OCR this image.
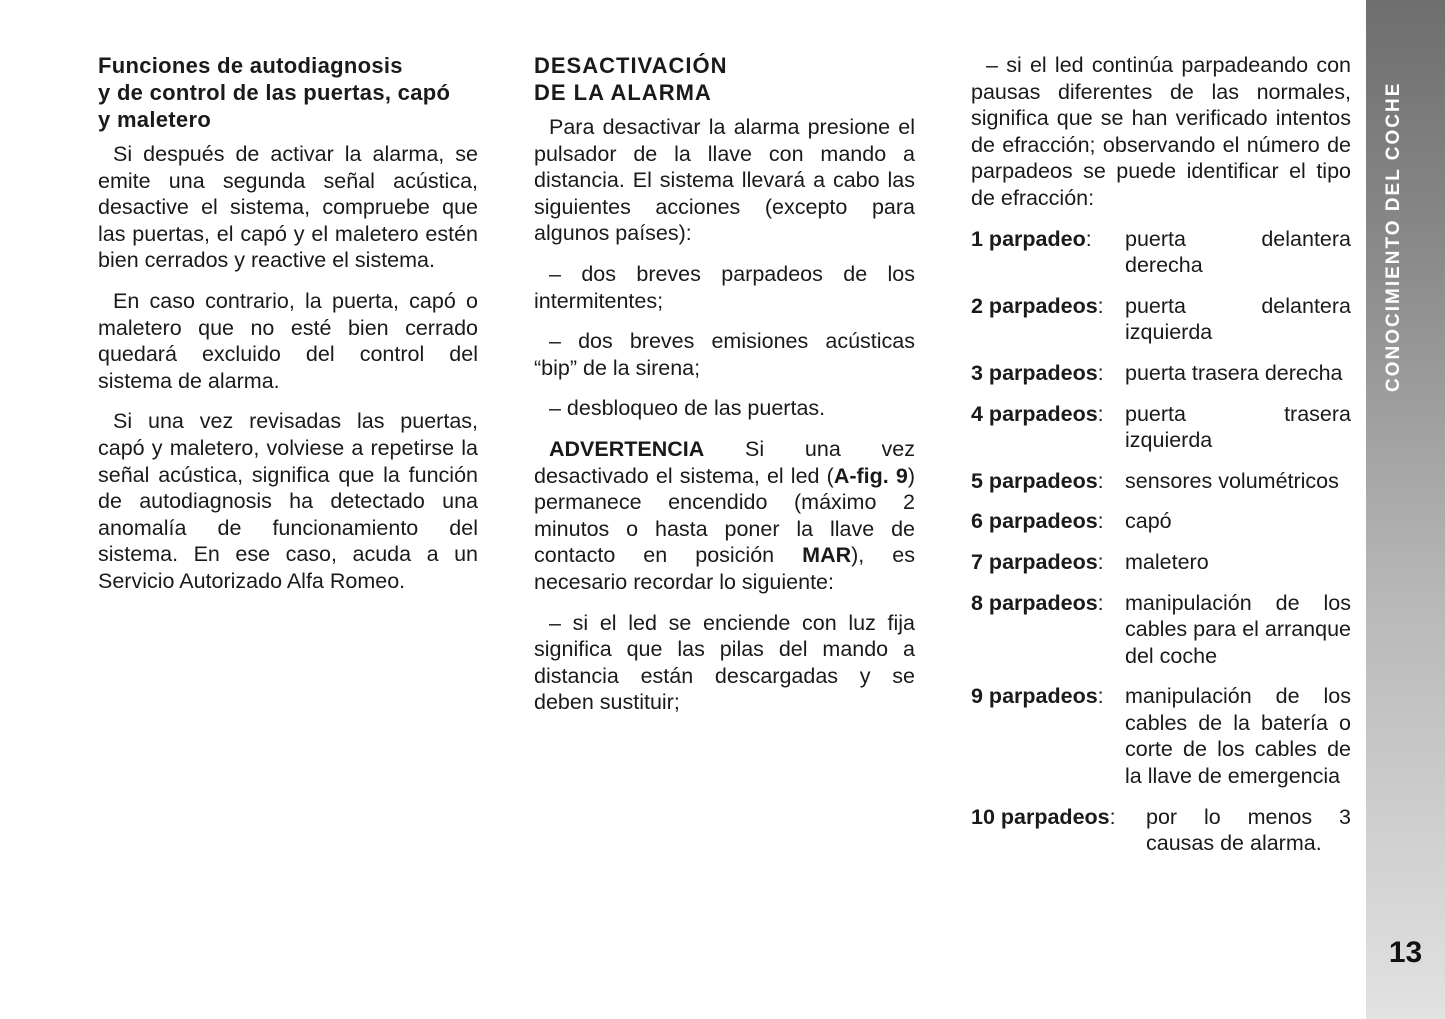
Funciones de autodiagnosis
y de control de las puertas, capó
y maletero

Si después de activar la alarma, se emite una segunda señal acústica, desactive el sistema, compruebe que las puertas, el capó y el maletero estén bien cerrados y reactive el sistema.

En caso contrario, la puerta, capó o maletero que no esté bien cerrado quedará excluido del control del sistema de alarma.

Si una vez revisadas las puertas, capó y maletero, volviese a repetirse la señal acústica, significa que la función de autodiagnosis ha detectado una anomalía de funcionamiento del sistema. En ese caso, acuda a un Servicio Autorizado Alfa Romeo.

DESACTIVACIÓN
DE LA ALARMA

Para desactivar la alarma presione el pulsador de la llave con mando a distancia. El sistema llevará a cabo las siguientes acciones (excepto para algunos países):

– dos breves parpadeos de los intermitentes;

– dos breves emisiones acústicas “bip” de la sirena;

– desbloqueo de las puertas.

ADVERTENCIA Si una vez desactivado el sistema, el led (A-fig. 9) permanece encendido (máximo 2 minutos o hasta poner la llave de contacto en posición MAR), es necesario recordar lo siguiente:

– si el led se enciende con luz fija significa que las pilas del mando a distancia están descargadas y se deben sustituir;

– si el led continúa parpadeando con pausas diferentes de las normales, significa que se han verificado intentos de efracción; observando el número de parpadeos se puede identificar el tipo de efracción:

1 parpadeo:	puerta delantera derecha
2 parpadeos: puerta delantera izquierda
3 parpadeos: puerta trasera derecha
4 parpadeos: puerta trasera izquierda
5 parpadeos: sensores volumétricos
6 parpadeos: capó
7 parpadeos: maletero
8 parpadeos: manipulación de los cables para el arranque del coche
9 parpadeos: manipulación de los cables de la batería o corte de los cables de la llave de emergencia
10 parpadeos:	por lo menos 3 causas de alarma.
CONOCIMIENTO DEL COCHE
13
